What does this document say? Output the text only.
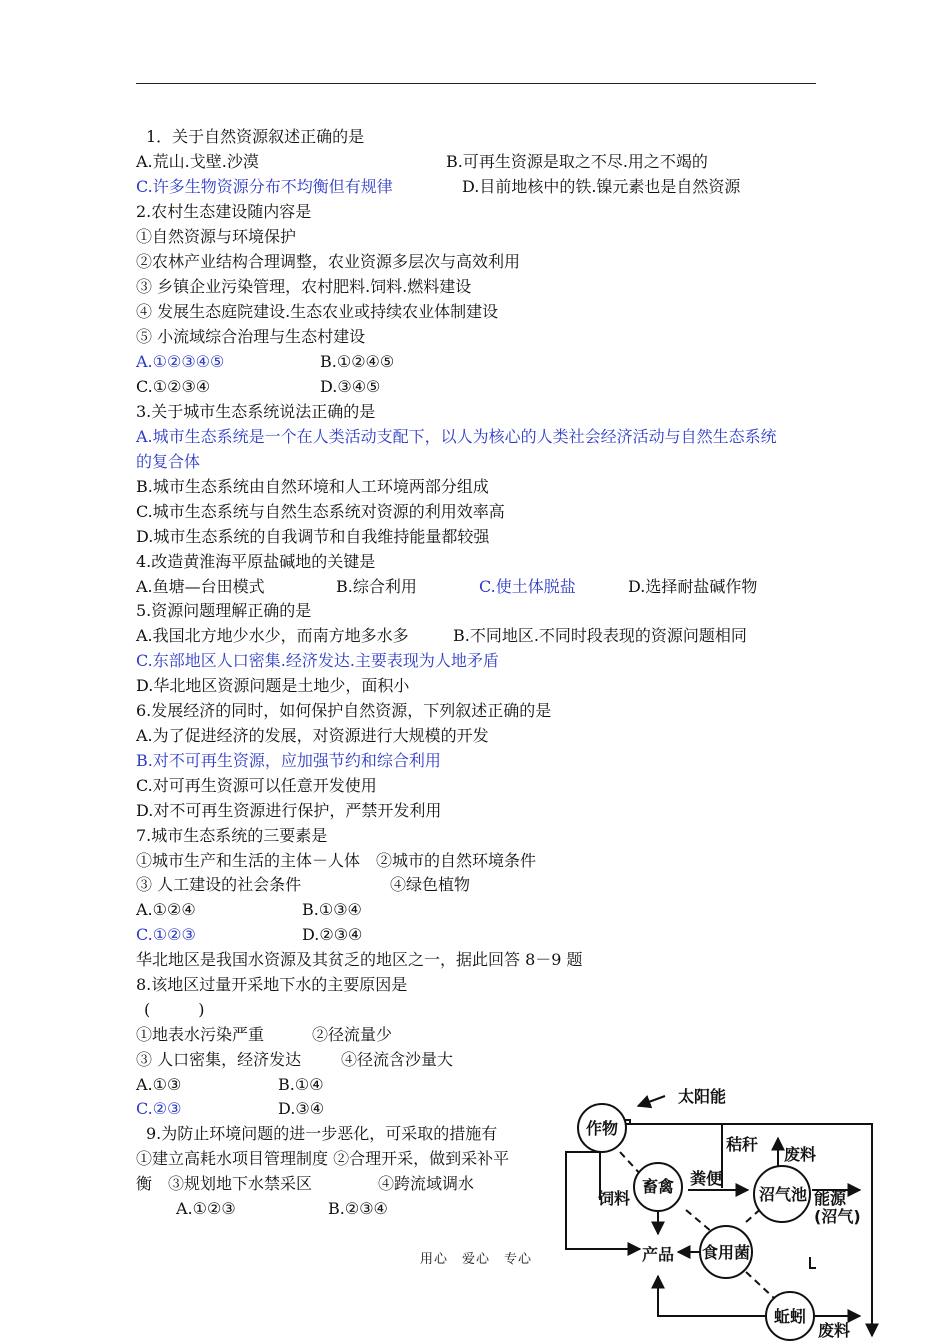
1．关于自然资源叙述正确的是
A.荒山.戈壁.沙漠	B.可再生资源是取之不尽.用之不竭的
C.许多生物资源分布不均衡但有规律	D.目前地核中的铁.镍元素也是自然资源
2.农村生态建设随内容是
①自然资源与环境保护
②农林产业结构合理调整，农业资源多层次与高效利用
③ 乡镇企业污染管理，农村肥料.饲料.燃料建设
④ 发展生态庭院建设.生态农业或持续农业体制建设
⑤ 小流域综合治理与生态村建设
A.①②③④⑤	B.①②④⑤
C.①②③④	D.③④⑤
3.关于城市生态系统说法正确的是
A.城市生态系统是一个在人类活动支配下，以人为核心的人类社会经济活动与自然生态系统
的复合体
B.城市生态系统由自然环境和人工环境两部分组成
C.城市生态系统与自然生态系统对资源的利用效率高
D.城市生态系统的自我调节和自我维持能量都较强
4.改造黄淮海平原盐碱地的关键是
A.鱼塘—台田模式	B.综合利用	C.使土体脱盐	D.选择耐盐碱作物
5.资源问题理解正确的是
A.我国北方地少水少，而南方地多水多	B.不同地区.不同时段表现的资源问题相同
C.东部地区人口密集.经济发达.主要表现为人地矛盾
D.华北地区资源问题是土地少，面积小
6.发展经济的同时，如何保护自然资源，下列叙述正确的是
A.为了促进经济的发展，对资源进行大规模的开发
B.对不可再生资源，应加强节约和综合利用
C.对可再生资源可以任意开发使用
D.对不可再生资源进行保护，严禁开发利用
7.城市生态系统的三要素是
①城市生产和生活的主体－人体　②城市的自然环境条件
③ 人工建设的社会条件	④绿色植物
A.①②④	B.①③④
C.①②③	D.②③④
华北地区是我国水资源及其贫乏的地区之一，据此回答 8－9 题
8.该地区过量开采地下水的主要原因是
(　　　)
①地表水污染严重	②径流量少
③ 人口密集，经济发达 ④径流含沙量大
A.①③	B.①④
C.②③	D.③④
9.为防止环境问题的进一步恶化，可采取的措施有
①建立高耗水项目管理制度 ②合理开采，做到采补平
衡　③规划地下水禁采区	④跨流域调水
A.①②③	B.②③④
作物
太阳能
秸秆
废料
畜禽 粪便
沼气池
饲料	能源
(沼气)
产品 食用菌
蚯蚓
废料
用心　爱心　专心
